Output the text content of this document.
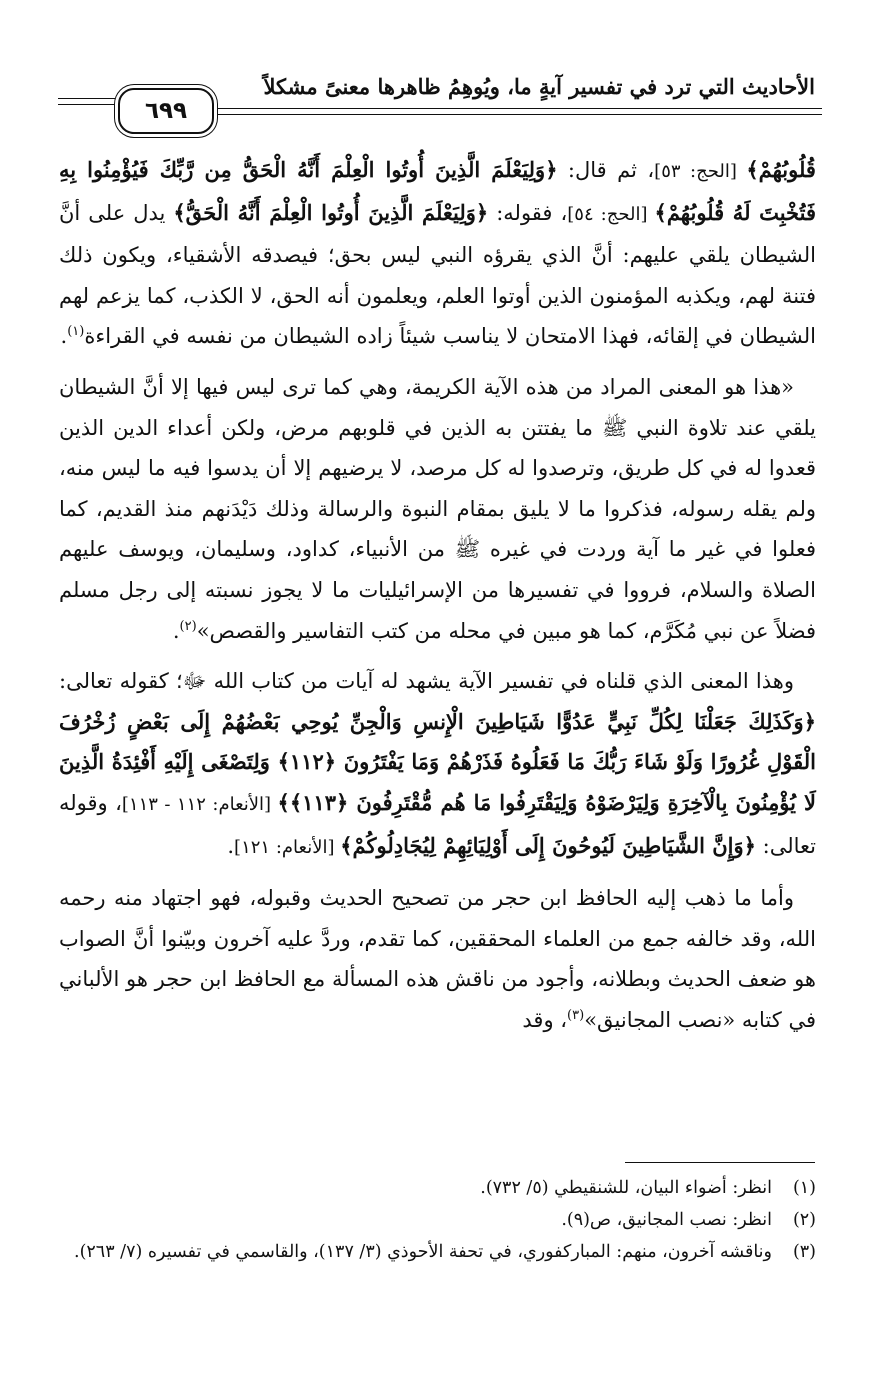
الأحاديث التي ترد في تفسير آيةٍ ما، ويُوهِمُ ظاهرها معنىً مشكلاً
٦٩٩

قُلُوبُهُمْ﴾ [الحج: ٥٣]، ثم قال: ﴿وَلِيَعْلَمَ الَّذِينَ أُوتُوا الْعِلْمَ أَنَّهُ الْحَقُّ مِن رَّبِّكَ فَيُؤْمِنُوا بِهِ فَتُخْبِتَ لَهُ قُلُوبُهُمْ﴾ [الحج: ٥٤]، فقوله: ﴿وَلِيَعْلَمَ الَّذِينَ أُوتُوا الْعِلْمَ أَنَّهُ الْحَقُّ﴾ يدل على أنَّ الشيطان يلقي عليهم: أنَّ الذي يقرؤه النبي ليس بحق؛ فيصدقه الأشقياء، ويكون ذلك فتنة لهم، ويكذبه المؤمنون الذين أوتوا العلم، ويعلمون أنه الحق، لا الكذب، كما يزعم لهم الشيطان في إلقائه، فهذا الامتحان لا يناسب شيئاً زاده الشيطان من نفسه في القراءة$^{(١)}$.

«هذا هو المعنى المراد من هذه الآية الكريمة، وهي كما ترى ليس فيها إلا أنَّ الشيطان يلقي عند تلاوة النبي ﷺ ما يفتتن به الذين في قلوبهم مرض، ولكن أعداء الدين الذين قعدوا له في كل طريق، وترصدوا له كل مرصد، لا يرضيهم إلا أن يدسوا فيه ما ليس منه، ولم يقله رسوله، فذكروا ما لا يليق بمقام النبوة والرسالة وذلك دَيْدَنهم منذ القديم، كما فعلوا في غير ما آية وردت في غيره ﷺ من الأنبياء، كداود، وسليمان، ويوسف عليهم الصلاة والسلام، فرووا في تفسيرها من الإسرائيليات ما لا يجوز نسبته إلى رجل مسلم فضلاً عن نبي مُكَرَّم، كما هو مبين في محله من كتب التفاسير والقصص»$^{(٢)}$.

وهذا المعنى الذي قلناه في تفسير الآية يشهد له آيات من كتاب الله ﷻ؛ كقوله تعالى: ﴿وَكَذَلِكَ جَعَلْنَا لِكُلِّ نَبِيٍّ عَدُوًّا شَيَاطِينَ الْإِنسِ وَالْجِنِّ يُوحِي بَعْضُهُمْ إِلَى بَعْضٍ زُخْرُفَ الْقَوْلِ غُرُورًا وَلَوْ شَاءَ رَبُّكَ مَا فَعَلُوهُ فَذَرْهُمْ وَمَا يَفْتَرُونَ ﴿١١٢﴾ وَلِتَصْغَى إِلَيْهِ أَفْئِدَةُ الَّذِينَ لَا يُؤْمِنُونَ بِالْآخِرَةِ وَلِيَرْضَوْهُ وَلِيَقْتَرِفُوا مَا هُم مُّقْتَرِفُونَ ﴿١١٣﴾﴾ [الأنعام: ١١٢ - ١١٣]، وقوله تعالى: ﴿وَإِنَّ الشَّيَاطِينَ لَيُوحُونَ إِلَى أَوْلِيَائِهِمْ لِيُجَادِلُوكُمْ﴾ [الأنعام: ١٢١].

وأما ما ذهب إليه الحافظ ابن حجر من تصحيح الحديث وقبوله، فهو اجتهاد منه رحمه الله، وقد خالفه جمع من العلماء المحققين، كما تقدم، وردَّ عليه آخرون وبيّنوا أنَّ الصواب هو ضعف الحديث وبطلانه، وأجود من ناقش هذه المسألة مع الحافظ ابن حجر هو الألباني في كتابه «نصب المجانيق»$^{(٣)}$، وقد

(١)
انظر: أضواء البيان، للشنقيطي (٥/ ٧٣٢).
(٢)
انظر: نصب المجانيق، ص(٩).
(٣)
وناقشه آخرون، منهم: المباركفوري، في تحفة الأحوذي (٣/ ١٣٧)، والقاسمي في تفسيره (٧/ ٢٦٣).
